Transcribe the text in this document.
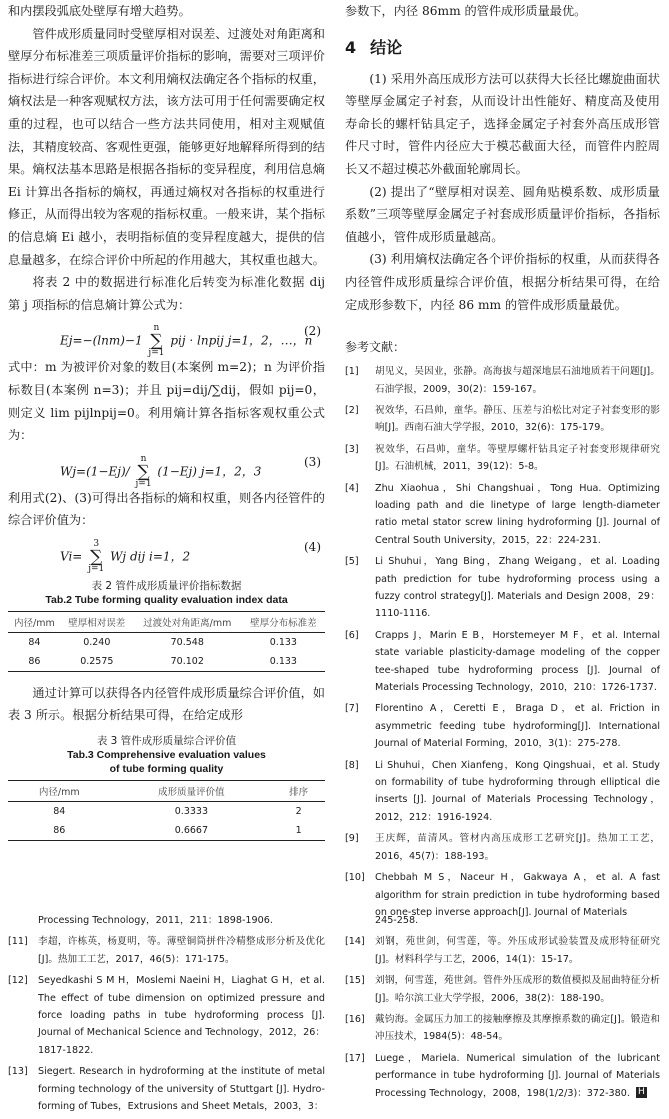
和内摆段弧底处壁厚有增大趋势。

管件成形质量同时受壁厚相对误差、过渡处对角距离和壁厚分布标准差三项质量评价指标的影响，需要对三项评价指标进行综合评价。本文利用熵权法确定各个指标的权重，熵权法是一种客观赋权方法，该方法可用于任何需要确定权重的过程，也可以结合一些方法共同使用，相对主观赋值法，其精度较高、客观性更强，能够更好地解释所得到的结果。熵权法基本思路是根据各指标的变异程度，利用信息熵 Ei 计算出各指标的熵权，再通过熵权对各指标的权重进行修正，从而得出较为客观的指标权重。一般来讲，某个指标的信息熵 Ei 越小，表明指标值的变异程度越大，提供的信息量越多，在综合评价中所起的作用越大，其权重也越大。

将表 2 中的数据进行标准化后转变为标准化数据 dij 第 j 项指标的信息熵计算公式为：

Ej=−(lnm)−1 n
∑
j=1 pij · lnpij j=1，2，…，n
(2)

式中：m 为被评价对象的数目(本案例 m=2)；n 为评价指标数目(本案例 n=3)；并且 pij=dij/∑dij，假如 pij=0，则定义 lim pijlnpij=0。利用熵计算各指标客观权重公式为：

Wj=(1−Ej)/ n
∑
j=1 (1−Ej) j=1，2，3
(3)

利用式(2)、(3)可得出各指标的熵和权重，则各内径管件的综合评价值为：

Vi= 3
∑
j=1 Wj dij i=1，2
(4)
表 2 管件成形质量评价指标数据
Tab.2 Tube forming quality evaluation index data
内径/mm	壁厚相对误差	过渡处对角距离/mm	壁厚分布标准差
84	0.240	70.548	0.133
86	0.2575	70.102	0.133

通过计算可以获得各内径管件成形质量综合评价值，如表 3 所示。根据分析结果可得，在给定成形

表 3 管件成形质量综合评价值
Tab.3 Comprehensive evaluation values
of tube forming quality
内径/mm	成形质量评价值	排序
84	0.3333	2
86	0.6667	1

参数下，内径 86mm 的管件成形质量最优。

4 结论

(1) 采用外高压成形方法可以获得大长径比螺旋曲面状等壁厚金属定子衬套，从而设计出性能好、精度高及使用寿命长的螺杆钻具定子，选择金属定子衬套外高压成形管件尺寸时，管件内径应大于模芯截面大径，而管件内腔周长又不超过模芯外截面轮廓周长。

(2) 提出了“壁厚相对误差、圆角贴模系数、成形质量系数”三项等壁厚金属定子衬套成形质量评价指标，各指标值越小，管件成形质量越高。

(3) 利用熵权法确定各个评价指标的权重，从而获得各内径管件成形质量综合评价值，根据分析结果可得，在给定成形参数下，内径 86 mm 的管件成形质量最优。

参考文献：
[1] 胡见义，吴因业，张静。高海拔与超深地层石油地质若干问题[J]。石油学报，2009，30(2)：159-167。
[2] 祝效华，石昌帅，童华。静压、压差与泊松比对定子衬套变形的影响[J]。西南石油大学学报，2010，32(6)：175-179。
[3] 祝效华，石昌帅，童华。等壁厚螺杆钻具定子衬套变形规律研究[J]。石油机械，2011，39(12)：5-8。
[4] Zhu Xiaohua，Shi Changshuai，Tong Hua. Optimizing loading path and die linetype of large length-diameter ratio metal stator screw lining hydroforming [J]. Journal of Central South University，2015，22：224-231.
[5] Li Shuhui，Yang Bing，Zhang Weigang，et al. Loading path prediction for tube hydroforming process using a fuzzy control strategy[J]. Materials and Design 2008，29：1110-1116.
[6] Crapps J，Marin E B，Horstemeyer M F，et al. Internal state variable plasticity-damage modeling of the copper tee-shaped tube hydroforming process [J]. Journal of Materials Processing Technology，2010，210：1726-1737.
[7] Florentino A，Ceretti E，Braga D，et al. Friction in asymmetric feeding tube hydroforming[J]. International Journal of Material Forming，2010，3(1)：275-278.
[8] Li Shuhui，Chen Xianfeng，Kong Qingshuai，et al. Study on formability of tube hydroforming through elliptical die inserts [J]. Journal of Materials Processing Technology，2012，212：1916-1924.
[9] 王庆辉，苗清风。管材内高压成形工艺研究[J]。热加工工艺，2016，45(7)：188-193。
[10] Chebbah M S，Naceur H，Gakwaya A，et al. A fast algorithm for strain prediction in tube hydroforming based on one-step inverse approach[J]. Journal of Materials
Processing Technology，2011，211：1898-1906.
[11] 李超，许栋英，杨夏明，等。薄壁铜筒拼件冷精整成形分析及优化[J]。热加工工艺，2017，46(5)：171-175。
[12] Seyedkashi S M H，Moslemi Naeini H，Liaghat G H，et al. The effect of tube dimension on optimized pressure and force loading paths in tube hydroforming process [J]. Journal of Mechanical Science and Technology，2012，26：1817-1822.
[13] Siegert. Research in hydroforming at the institute of metal forming technology of the university of Stuttgart [J]. Hydro-forming of Tubes，Extrusions and Sheet Metals，2003，3：
245-258.
[14] 刘钢，苑世剑，何雪莲，等。外压成形试验装置及成形特征研究[J]。材料科学与工艺，2006，14(1)：15-17。
[15] 刘钢，何雪莲，苑世剑。管件外压成形的数值模拟及屈曲特征分析[J]。哈尔滨工业大学学报，2006，38(2)：188-190。
[16] 戴钧海。金属压力加工的接触摩擦及其摩擦系数的确定[J]。锻造和冲压技术，1984(5)：48-54。
[17] Luege，Mariela. Numerical simulation of the lubricant performance in tube hydroforming [J]. Journal of Materials Processing Technology，2008，198(1/2/3)：372-380. H
